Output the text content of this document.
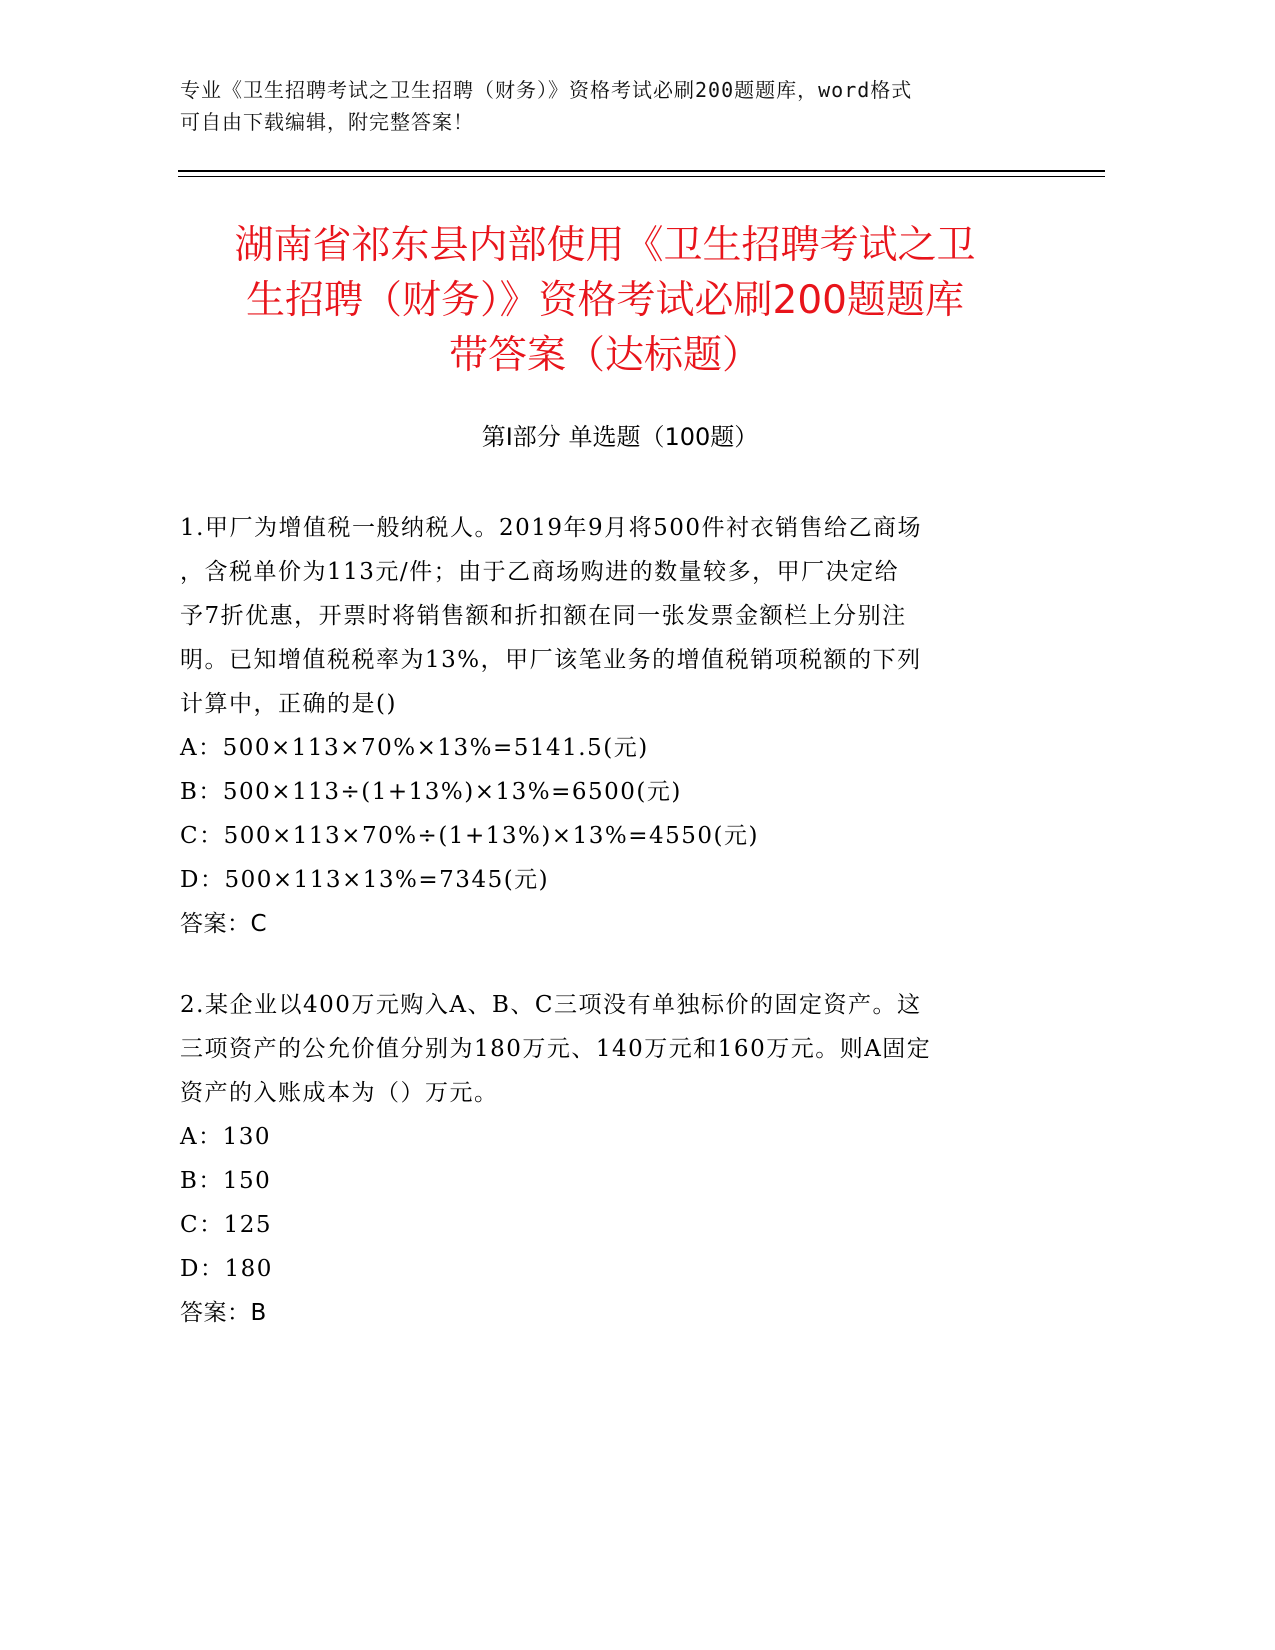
专业《卫生招聘考试之卫生招聘（财务）》资格考试必刷200题题库，word格式

可自由下载编辑，附完整答案！

湖南省祁东县内部使用《卫生招聘考试之卫

生招聘（财务）》资格考试必刷200题题库

带答案（达标题）

第Ⅰ部分 单选题（100题）

1.甲厂为增值税一般纳税人。2019年9月将500件衬衣销售给乙商场

，含税单价为113元/件；由于乙商场购进的数量较多，甲厂决定给

予7折优惠，开票时将销售额和折扣额在同一张发票金额栏上分别注

明。已知增值税税率为13%，甲厂该笔业务的增值税销项税额的下列

计算中，正确的是()

A：500×113×70%×13%=5141.5(元)

B：500×113÷(1+13%)×13%=6500(元)

C：500×113×70%÷(1+13%)×13%=4550(元)

D：500×113×13%=7345(元)

答案：C

2.某企业以400万元购入A、B、C三项没有单独标价的固定资产。这

三项资产的公允价值分别为180万元、140万元和160万元。则A固定

资产的入账成本为（）万元。

A：130

B：150

C：125

D：180

答案：B
